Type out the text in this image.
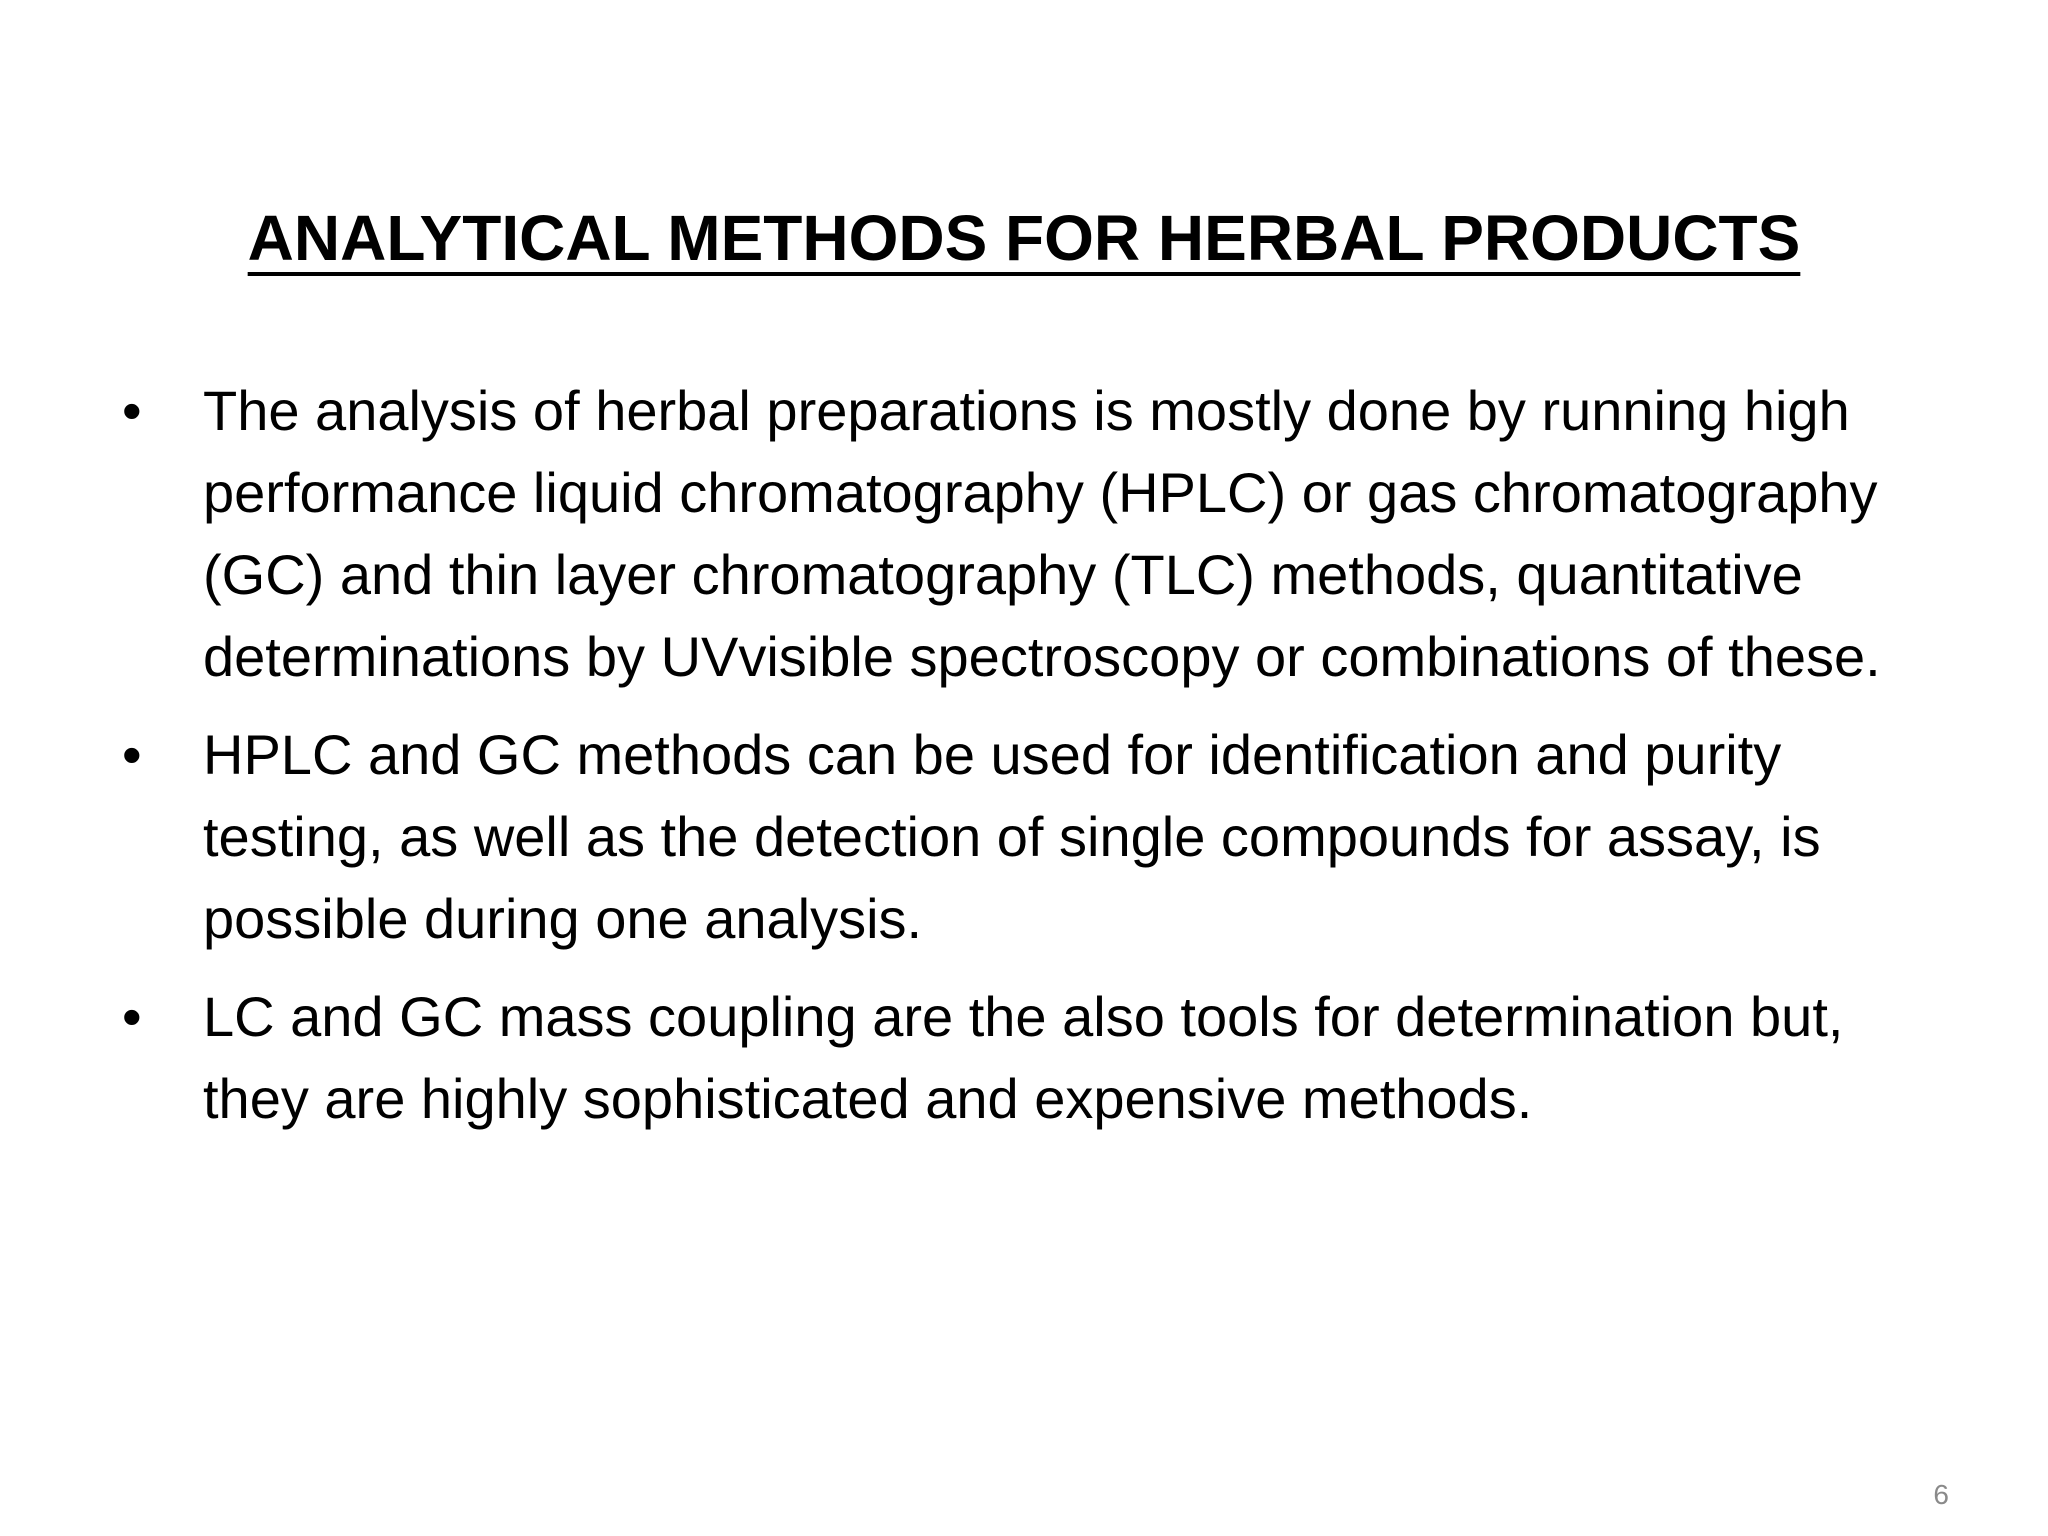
ANALYTICAL METHODS FOR HERBAL PRODUCTS
• The analysis of herbal preparations is mostly done by running high performance liquid chromatography (HPLC) or gas chromatography (GC) and thin layer chromatography (TLC) methods, quantitative determinations by UVvisible spectroscopy or combinations of these.
• HPLC and GC methods can be used for identification and purity testing, as well as the detection of single compounds for assay, is possible during one analysis.
• LC and GC mass coupling are the also tools for determination but, they are highly sophisticated and expensive methods.
6
